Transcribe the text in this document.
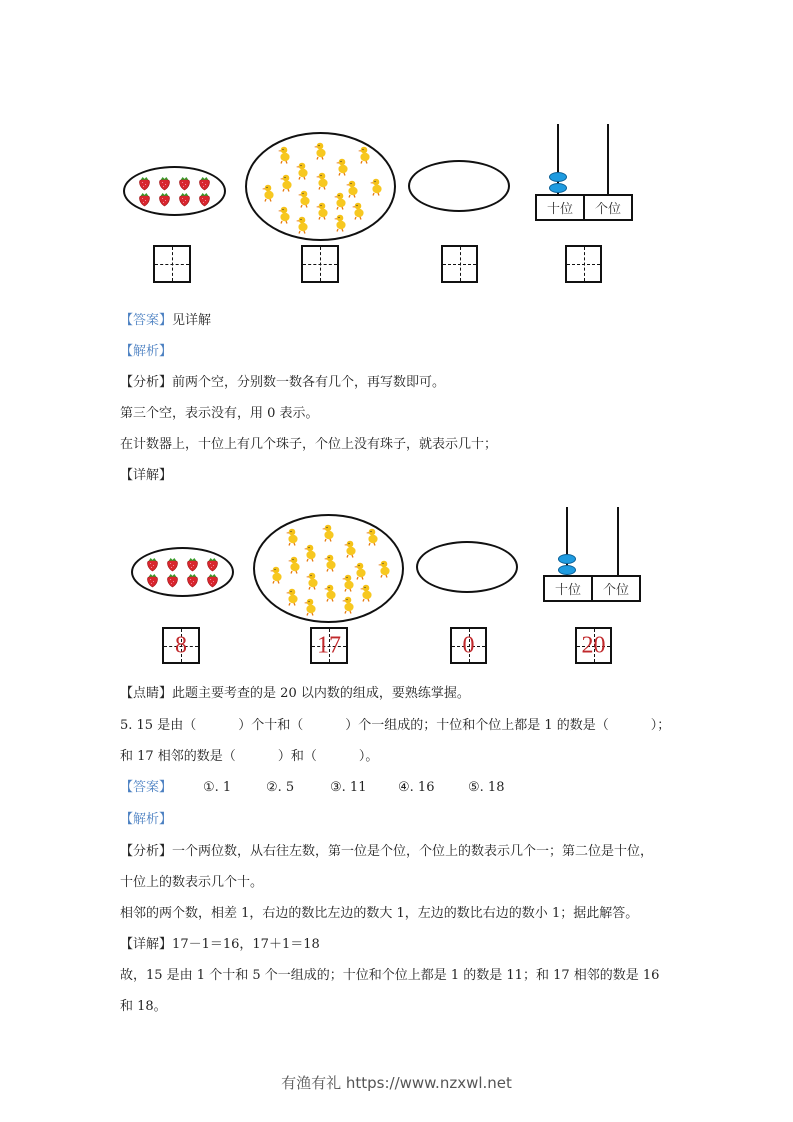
十位	个位
【答案】见详解
【解析】
【分析】前两个空，分别数一数各有几个，再写数即可。
第三个空，表示没有，用 0 表示。
在计数器上，十位上有几个珠子，个位上没有珠子，就表示几十；
【详解】
十位	个位
8	17	0	20
【点睛】此题主要考查的是 20 以内数的组成，要熟练掌握。
5. 15 是由（	）个十和（	）个一组成的；十位和个位上都是 1 的数是（	）；
和 17 相邻的数是（	）和（	）。
【答案】 ①. 1	②. 5	③. 11 ④. 16	⑤. 18
【解析】
【分析】一个两位数，从右往左数，第一位是个位，个位上的数表示几个一；第二位是十位，
十位上的数表示几个十。
相邻的两个数，相差 1，右边的数比左边的数大 1，左边的数比右边的数小 1；据此解答。
【详解】17－1＝16，17＋1＝18
故，15 是由 1 个十和 5 个一组成的；十位和个位上都是 1 的数是 11；和 17 相邻的数是 16
和 18。
有渔有礼 https://www.nzxwl.net
